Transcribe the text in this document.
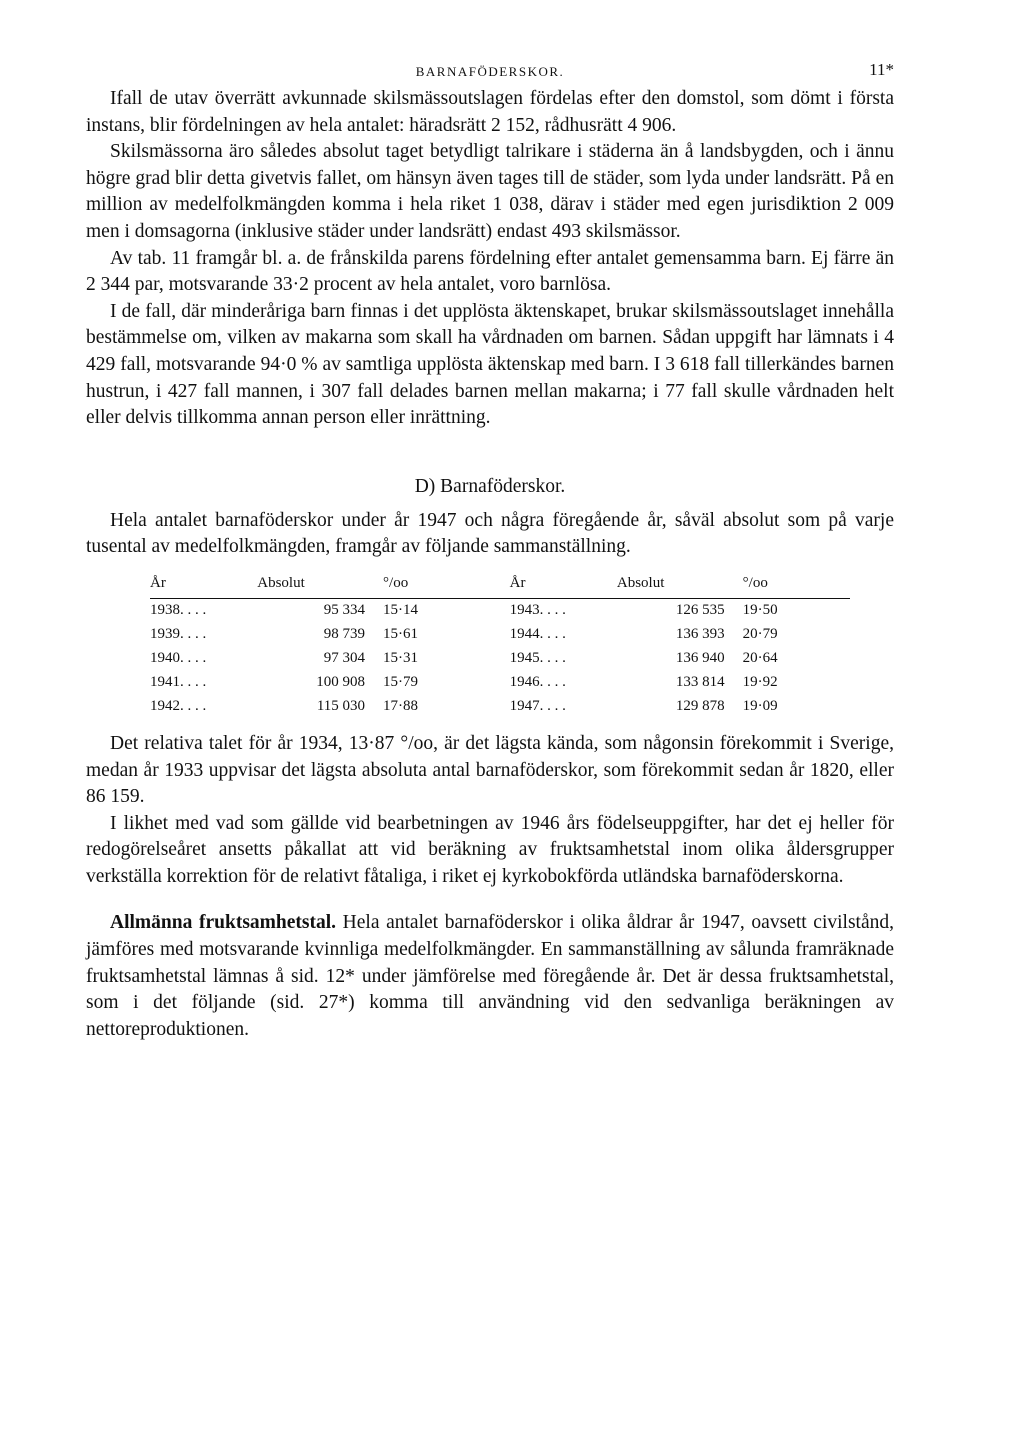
BARNAFÖDERSKOR.	11*

Ifall de utav överrätt avkunnade skilsmässoutslagen fördelas efter den domstol, som dömt i första instans, blir fördelningen av hela antalet: häradsrätt 2 152, rådhusrätt 4 906.

Skilsmässorna äro således absolut taget betydligt talrikare i städerna än å landsbygden, och i ännu högre grad blir detta givetvis fallet, om hänsyn även tages till de städer, som lyda under landsrätt. På en million av medelfolkmängden komma i hela riket 1 038, därav i städer med egen jurisdiktion 2 009 men i domsagorna (inklusive städer under landsrätt) endast 493 skilsmässor.

Av tab. 11 framgår bl. a. de frånskilda parens fördelning efter antalet gemensamma barn. Ej färre än 2 344 par, motsvarande 33·2 procent av hela antalet, voro barnlösa.

I de fall, där minderåriga barn finnas i det upplösta äktenskapet, brukar skilsmässoutslaget innehålla bestämmelse om, vilken av makarna som skall ha vårdnaden om barnen. Sådan uppgift har lämnats i 4 429 fall, motsvarande 94·0 % av samtliga upplösta äktenskap med barn. I 3 618 fall tillerkändes barnen hustrun, i 427 fall mannen, i 307 fall delades barnen mellan makarna; i 77 fall skulle vårdnaden helt eller delvis tillkomma annan person eller inrättning.

D) Barnaföderskor.

Hela antalet barnaföderskor under år 1947 och några föregående år, såväl absolut som på varje tusental av medelfolkmängden, framgår av följande sammanställning.

År	Absolut	°/oo		År	Absolut	°/oo
1938. . . .	95 334	15·14		1943. . . .	126 535	19·50
1939. . . .	98 739	15·61		1944. . . .	136 393	20·79
1940. . . .	97 304	15·31		1945. . . .	136 940	20·64
1941. . . .	100 908	15·79		1946. . . .	133 814	19·92
1942. . . .	115 030	17·88		1947. . . .	129 878	19·09

Det relativa talet för år 1934, 13·87 °/oo, är det lägsta kända, som någonsin förekommit i Sverige, medan år 1933 uppvisar det lägsta absoluta antal barnaföderskor, som förekommit sedan år 1820, eller 86 159.

I likhet med vad som gällde vid bearbetningen av 1946 års födelseuppgifter, har det ej heller för redogörelseåret ansetts påkallat att vid beräkning av fruktsamhetstal inom olika åldersgrupper verkställa korrektion för de relativt fåtaliga, i riket ej kyrkobokförda utländska barnaföderskorna.

Allmänna fruktsamhetstal. Hela antalet barnaföderskor i olika åldrar år 1947, oavsett civilstånd, jämföres med motsvarande kvinnliga medelfolkmängder. En sammanställning av sålunda framräknade fruktsamhetstal lämnas å sid. 12* under jämförelse med föregående år. Det är dessa fruktsamhetstal, som i det följande (sid. 27*) komma till användning vid den sedvanliga beräkningen av nettoreproduktionen.
